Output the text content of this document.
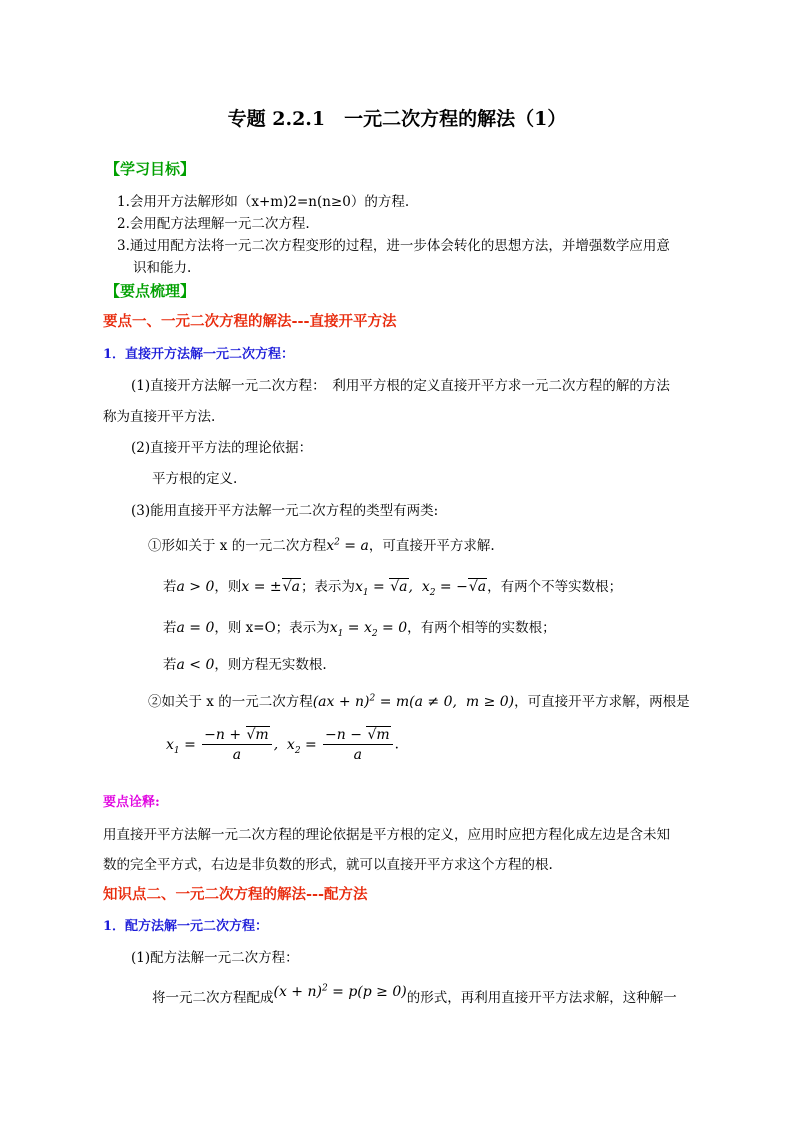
专题 2.2.1　一元二次方程的解法（1）
【学习目标】
1.会用开方法解形如（x+m)2=n(n≥0）的方程.
2.会用配方法理解一元二次方程.
3.通过用配方法将一元二次方程变形的过程，进一步体会转化的思想方法，并增强数学应用意
识和能力.
【要点梳理】
要点一、一元二次方程的解法---直接开平方法
1．直接开方法解一元二次方程：
(1)直接开方法解一元二次方程：　利用平方根的定义直接开平方求一元二次方程的解的方法
称为直接开平方法.
(2)直接开平方法的理论依据：
平方根的定义.
(3)能用直接开平方法解一元二次方程的类型有两类:
①形如关于 x 的一元二次方程$x^2 = a$，可直接开平方求解.
若a > 0，则x = ±√a；表示为$x_1 = √a$,  $x_2 = -√a$，有两个不等实数根；
若a = 0，则 x=O；表示为$x_1 = x_2 = 0$，有两个相等的实数根；
若a < 0，则方程无实数根.
②如关于 x 的一元二次方程(ax + n)$^2$ = m(a ≠ 0,  m ≥ 0)，可直接开平方求解，两根是
$x_1 = \frac{-n + √m}{a}$ ,  $x_2 = \frac{-n - √m}{a}$ .
要点诠释:
用直接开平方法解一元二次方程的理论依据是平方根的定义，应用时应把方程化成左边是含未知
数的完全平方式，右边是非负数的形式，就可以直接开平方求这个方程的根.
知识点二、一元二次方程的解法---配方法
1．配方法解一元二次方程：
(1)配方法解一元二次方程：
将一元二次方程配成$(x + n)^2 = p(p \ge 0)$的形式，再利用直接开平方法求解，这种解一
